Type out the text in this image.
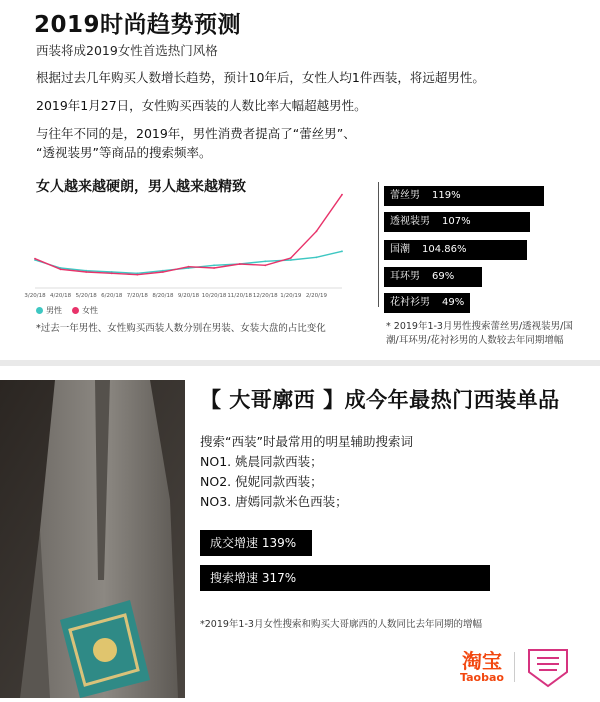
2019时尚趋势预测
西装将成2019女性首选热门风格
根据过去几年购买人数增长趋势，预计10年后，女性人均1件西装，将远超男性。
2019年1月27日，女性购买西装的人数比率大幅超越男性。
与往年不同的是，2019年，男性消费者提高了“蕾丝男”、
“透视装男”等商品的搜索频率。
女人越来越硬朗，男人越来越精致
3/20/18 4/20/18 5/20/18 6/20/18 7/20/18 8/20/18 9/20/18 10/20/18 11/20/18 12/20/18 1/20/19 2/20/19
男性	女性
*过去一年男性、女性购买西装人数分别在男装、女装大盘的占比变化
蕾丝男 119%
透视装男 107%
国潮 104.86%
耳环男 69%
花衬衫男 49%
* 2019年1-3月男性搜索蕾丝男/透视装男/国
潮/耳环男/花衬衫男的人数较去年同期增幅
【 大哥廓西 】成今年最热门西装单品
搜索“西装”时最常用的明星辅助搜索词
NO1. 姚晨同款西装；
NO2. 倪妮同款西装；
NO3. 唐嫣同款米色西装；
成交增速 139%
搜索增速 317%
*2019年1-3月女性搜索和购买大哥廓西的人数同比去年同期的增幅
淘宝
Taobao
